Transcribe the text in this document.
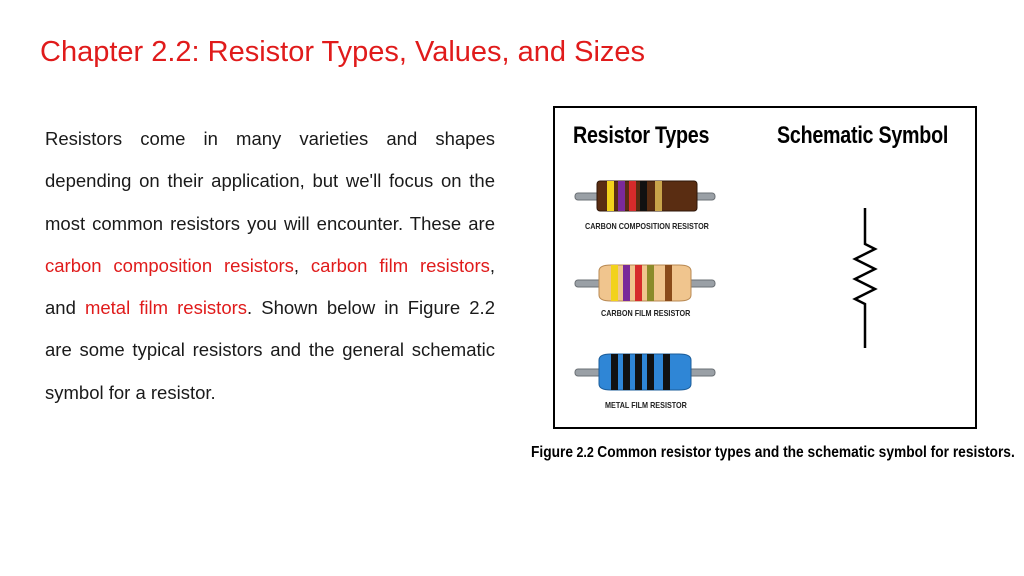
Chapter 2.2: Resistor Types, Values, and Sizes
Resistors come in many varieties and shapes depending on their application, but we'll focus on the most common resistors you will encounter. These are carbon composition resistors, carbon film resistors, and metal film resistors. Shown below in Figure 2.2 are some typical resistors and the general schematic symbol for a resistor.
Resistor Types	Schematic Symbol
CARBON COMPOSITION RESISTOR
CARBON FILM RESISTOR
METAL FILM RESISTOR
Figure 2.2 Common resistor types and the schematic symbol for resistors.
